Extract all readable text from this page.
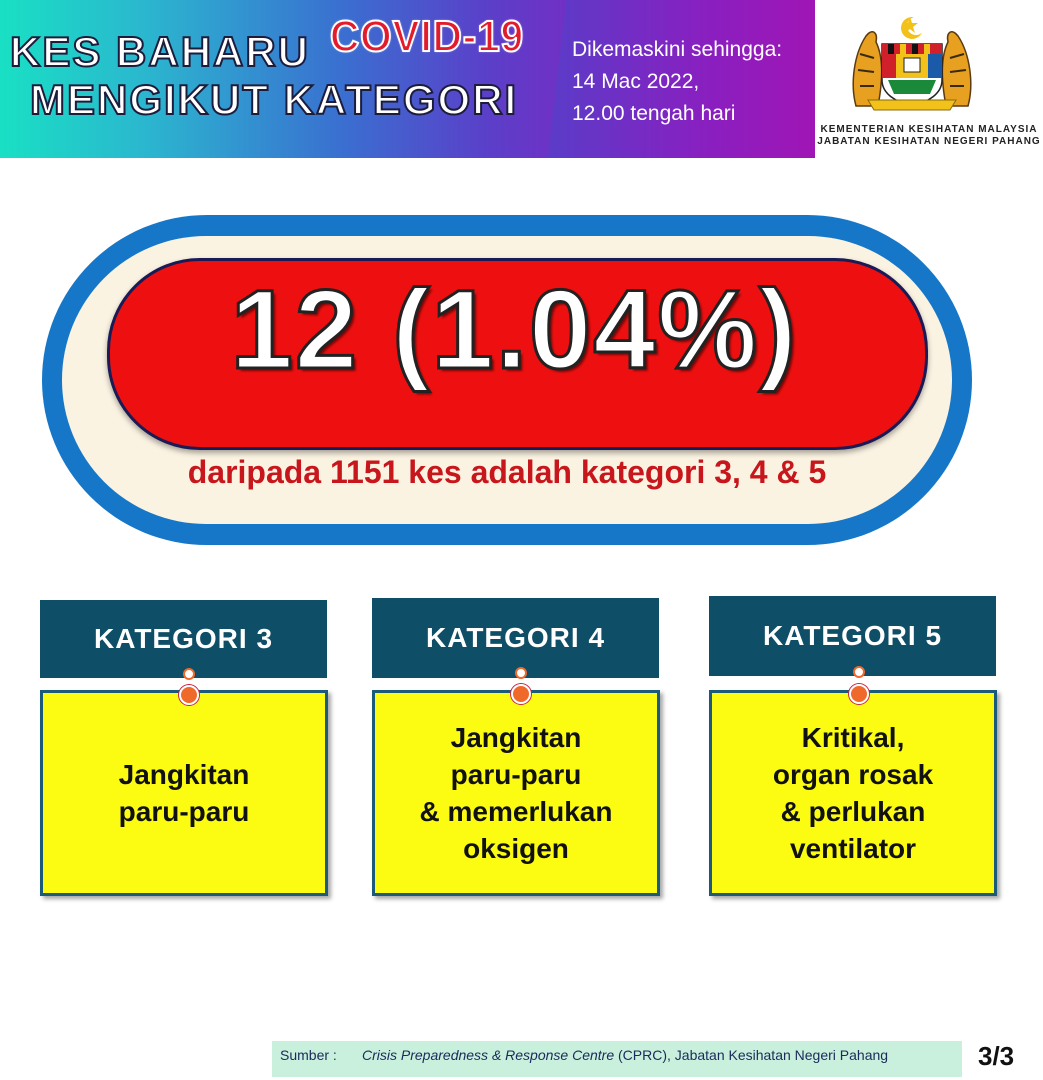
KES BAHARU
MENGIKUT KATEGORI
COVID-19 Dikemaskini sehingga:
14 Mac 2022,
12.00 tengah hari
KEMENTERIAN KESIHATAN MALAYSIA
JABATAN KESIHATAN NEGERI PAHANG
12 (1.04%)
daripada 1151 kes adalah kategori 3, 4 & 5
KATEGORI 3
Jangkitan
paru-paru
KATEGORI 4
Jangkitan
paru-paru
& memerlukan
oksigen
KATEGORI 5
Kritikal,
organ rosak
& perlukan
ventilator
Sumber : Crisis Preparedness & Response Centre (CPRC), Jabatan Kesihatan Negeri Pahang	3/3
